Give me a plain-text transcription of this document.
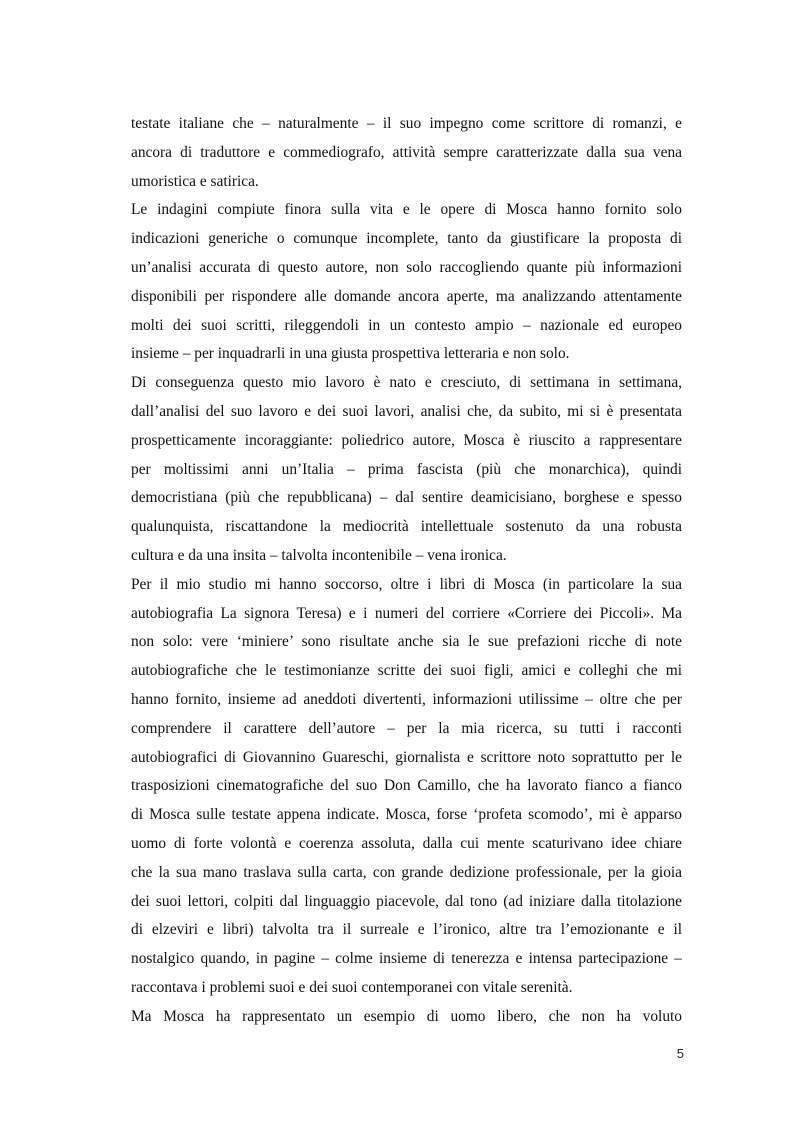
testate italiane che – naturalmente – il suo impegno come scrittore di romanzi, e
ancora di traduttore e commediografo, attività sempre caratterizzate dalla sua vena
umoristica e satirica.
Le indagini compiute finora sulla vita e le opere di Mosca hanno fornito solo
indicazioni generiche o comunque incomplete, tanto da giustificare la proposta di
un’analisi accurata di questo autore, non solo raccogliendo quante più informazioni
disponibili per rispondere alle domande ancora aperte, ma analizzando attentamente
molti dei suoi scritti, rileggendoli in un contesto ampio – nazionale ed europeo
insieme – per inquadrarli in una giusta prospettiva letteraria e non solo.
Di conseguenza questo mio lavoro è nato e cresciuto, di settimana in settimana,
dall’analisi del suo lavoro e dei suoi lavori, analisi che, da subito, mi si è presentata
prospetticamente incoraggiante: poliedrico autore, Mosca è riuscito a rappresentare
per moltissimi anni un’Italia – prima fascista (più che monarchica), quindi
democristiana (più che repubblicana) – dal sentire deamicisiano, borghese e spesso
qualunquista, riscattandone la mediocrità intellettuale sostenuto da una robusta
cultura e da una insita – talvolta incontenibile – vena ironica.
Per il mio studio mi hanno soccorso, oltre i libri di Mosca (in particolare la sua
autobiografia La signora Teresa) e i numeri del corriere «Corriere dei Piccoli». Ma
non solo: vere ‘miniere’ sono risultate anche sia le sue prefazioni ricche di note
autobiografiche che le testimonianze scritte dei suoi figli, amici e colleghi che mi
hanno fornito, insieme ad aneddoti divertenti, informazioni utilissime – oltre che per
comprendere il carattere dell’autore – per la mia ricerca, su tutti i racconti
autobiografici di Giovannino Guareschi, giornalista e scrittore noto soprattutto per le
trasposizioni cinematografiche del suo Don Camillo, che ha lavorato fianco a fianco
di Mosca sulle testate appena indicate. Mosca, forse ‘profeta scomodo’, mi è apparso
uomo di forte volontà e coerenza assoluta, dalla cui mente scaturivano idee chiare
che la sua mano traslava sulla carta, con grande dedizione professionale, per la gioia
dei suoi lettori, colpiti dal linguaggio piacevole, dal tono (ad iniziare dalla titolazione
di elzeviri e libri) talvolta tra il surreale e l’ironico, altre tra l’emozionante e il
nostalgico quando, in pagine – colme insieme di tenerezza e intensa partecipazione –
raccontava i problemi suoi e dei suoi contemporanei con vitale serenità.
Ma Mosca ha rappresentato un esempio di uomo libero, che non ha voluto
5
